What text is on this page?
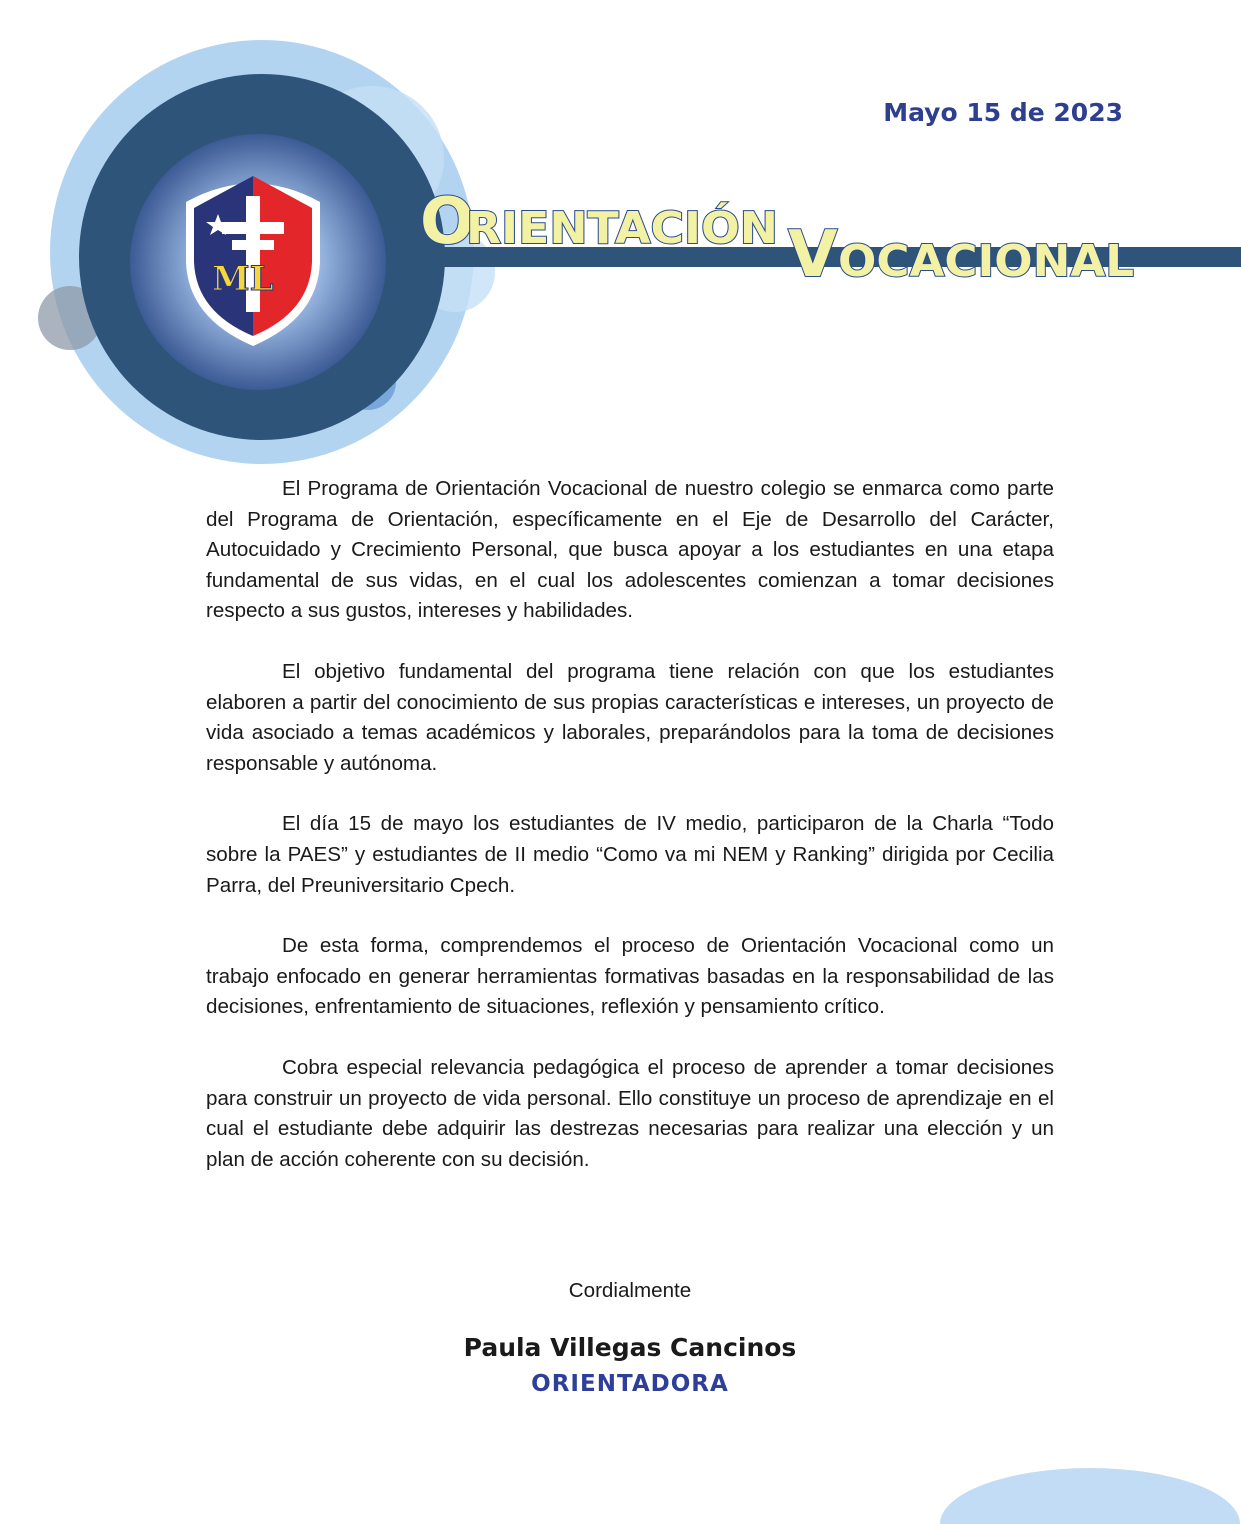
O
RIENTACIÓN V OCACIONAL
ML
Mayo 15 de 2023

El Programa de Orientación Vocacional de nuestro colegio se enmarca como parte del Programa de Orientación, específicamente en el Eje de Desarrollo del Carácter, Autocuidado y Crecimiento Personal, que busca apoyar a los estudiantes en una etapa fundamental de sus vidas, en el cual los adolescentes comienzan a tomar decisiones respecto a sus gustos, intereses y habilidades.

El objetivo fundamental del programa tiene relación con que los estudiantes elaboren a partir del conocimiento de sus propias características e intereses, un proyecto de vida asociado a temas académicos y laborales, preparándolos para la toma de decisiones responsable y autónoma.

El día 15 de mayo los estudiantes de IV medio, participaron de la Charla “Todo sobre la PAES” y estudiantes de II medio “Como va mi NEM y Ranking” dirigida por Cecilia Parra, del Preuniversitario Cpech.

De esta forma, comprendemos el proceso de Orientación Vocacional como un trabajo enfocado en generar herramientas formativas basadas en la responsabilidad de las decisiones, enfrentamiento de situaciones, reflexión y pensamiento crítico.

Cobra especial relevancia pedagógica el proceso de aprender a tomar decisiones para construir un proyecto de vida personal. Ello constituye un proceso de aprendizaje en el cual el estudiante debe adquirir las destrezas necesarias para realizar una elección y un plan de acción coherente con su decisión.

Cordialmente
Paula Villegas Cancinos
ORIENTADORA
